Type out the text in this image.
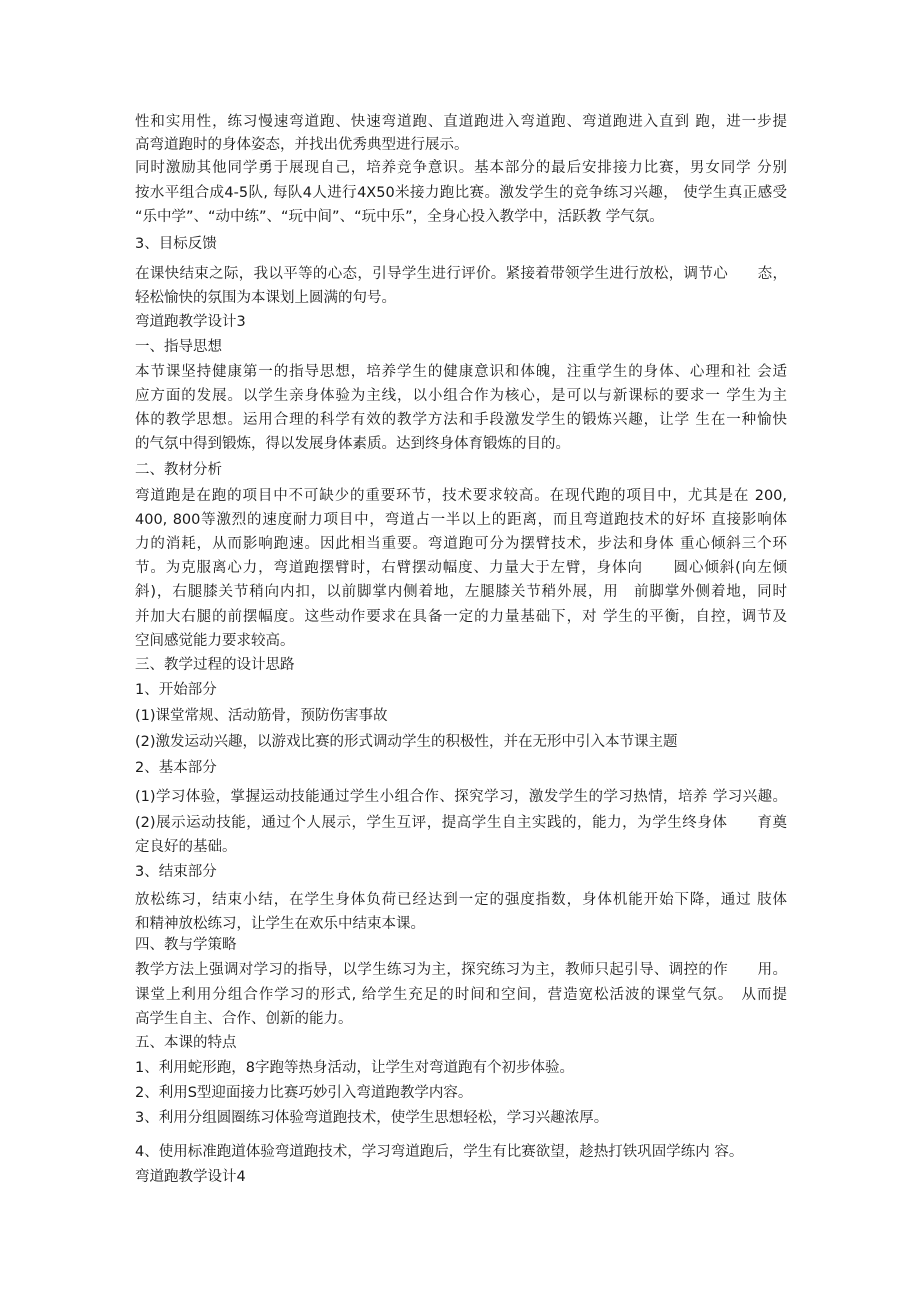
性和实用性，练习慢速弯道跑、快速弯道跑、直道跑进入弯道跑、弯道跑进入直到 跑，进一步提
高弯道跑时的身体姿态，并找出优秀典型进行展示。
同时激励其他同学勇于展现自己，培养竞争意识。基本部分的最后安排接力比赛，男女同学 分别
按水平组合成4-5队, 每队4人进行4X50米接力跑比赛。激发学生的竞争练习兴趣， 使学生真正感受
“乐中学”、“动中练”、“玩中间”、“玩中乐”，全身心投入教学中，活跃教 学气氛。
3、目标反馈
在课快结束之际，我以平等的心态，引导学生进行评价。紧接着带领学生进行放松，调节心　　态，
轻松愉快的氛围为本课划上圆满的句号。
弯道跑教学设计3
一、指导思想
本节课坚持健康第一的指导思想，培养学生的健康意识和体魄，注重学生的身体、心理和社 会适
应方面的发展。以学生亲身体验为主线，以小组合作为核心，是可以与新课标的要求一 学生为主
体的教学思想。运用合理的科学有效的教学方法和手段激发学生的锻炼兴趣，让学 生在一种愉快
的气氛中得到锻炼，得以发展身体素质。达到终身体育锻炼的目的。
二、教材分析
弯道跑是在跑的项目中不可缺少的重要环节，技术要求较高。在现代跑的项目中，尤其是在 200,
400, 800等激烈的速度耐力项目中，弯道占一半以上的距离，而且弯道跑技术的好坏 直接影响体
力的消耗，从而影响跑速。因此相当重要。弯道跑可分为摆臂技术，步法和身体 重心倾斜三个环
节。为克服离心力，弯道跑摆臂时，右臂摆动幅度、力量大于左臂，身体向　　圆心倾斜(向左倾
斜)，右腿膝关节稍向内扣，以前脚掌内侧着地，左腿膝关节稍外展，用　前脚掌外侧着地，同时
并加大右腿的前摆幅度。这些动作要求在具备一定的力量基础下，对 学生的平衡，自控，调节及
空间感觉能力要求较高。
三、教学过程的设计思路
1、开始部分
(1)课堂常规、活动筋骨，预防伤害事故
(2)激发运动兴趣，以游戏比赛的形式调动学生的积极性，并在无形中引入本节课主题
2、基本部分
(1)学习体验，掌握运动技能通过学生小组合作、探究学习，激发学生的学习热情，培养 学习兴趣。
(2)展示运动技能，通过个人展示，学生互评，提高学生自主实践的，能力，为学生终身体　　育奠
定良好的基础。
3、结束部分
放松练习，结束小结，在学生身体负荷已经达到一定的强度指数，身体机能开始下降，通过 肢体
和精神放松练习，让学生在欢乐中结束本课。
四、教与学策略
教学方法上强调对学习的指导，以学生练习为主，探究练习为主，教师只起引导、调控的作　　用。
课堂上利用分组合作学习的形式, 给学生充足的时间和空间，营造宽松活波的课堂气氛。　从而提
高学生自主、合作、创新的能力。
五、本课的特点
1、利用蛇形跑，8字跑等热身活动，让学生对弯道跑有个初步体验。
2、利用S型迎面接力比赛巧妙引入弯道跑教学内容。
3、利用分组圆圈练习体验弯道跑技术，使学生思想轻松，学习兴趣浓厚。
4、使用标准跑道体验弯道跑技术，学习弯道跑后，学生有比赛欲望，趁热打铁巩固学练内 容。
弯道跑教学设计4
